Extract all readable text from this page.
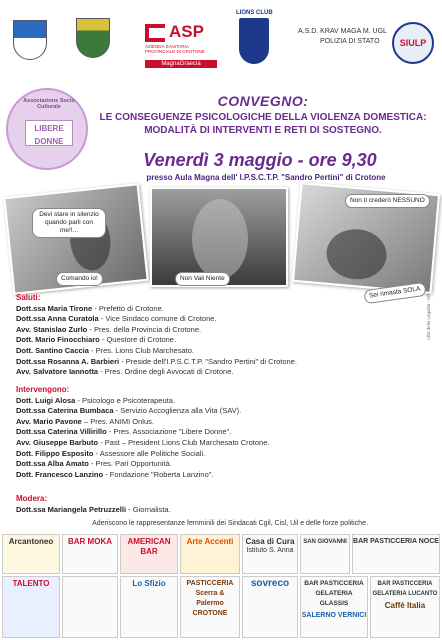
ASP
AZIENDA SANITARIA PROVINCIALE DI CROTONE
MagnaGraecia
LIONS CLUB
A.S.D. KRAV MAGA M. UGL
POLIZIA DI STATO	SIULP
Associazione Socio Culturale
LIBERE
DONNE
CONVEGNO:
LE CONSEGUENZE PSICOLOGICHE DELLA VIOLENZA DOMESTICA:
MODALITÀ DI INTERVENTI E RETI DI SOSTEGNO.
Venerdì 3 maggio - ore 9,30
presso Aula Magna dell' I.P.S.C.T.P. "Sandro Pertini" di Crotone
Devi stare in silenzio quando parli con me!!...
Comando io!	Non Vali Niente
Non ti crederò NESSUNO
Sei rimasta SOLA
Saluti:
Dott.ssa Maria Tirone - Prefetto di Crotone.
Dott.ssa Anna Curatola - Vice Sindaco comune di Crotone.
Avv. Stanislao Zurlo - Pres. della Provincia di Crotone.
Dott. Mario Finocchiaro - Questore di Crotone.
Dott. Santino Caccia - Pres. Lions Club Marchesato.
Dott.ssa Rosanna A. Barbieri - Preside dell'I.P.S.C.T.P. "Sandro Pertini" di Crotone.
Avv. Salvatore Iannotta - Pres. Ordine degli Avvocati di Crotone.
Intervengono:
Dott. Luigi Alosa - Psicologo e Psicoterapeuta.
Dott.ssa Caterina Bumbaca - Servizio Accoglienza alla Vita (SAV).
Avv. Mario Pavone – Pres. ANIMI Onlus.
Dott.ssa Caterina Villirillo - Pres. Associazione "Libere Donne".
Avv. Giuseppe Barbuto - Past – President Lions Club Marchesato Crotone.
Dott. Filippo Esposito - Assessore alle Politiche Sociali.
Dott.ssa Alba Amato - Pres. Pari Opportunità.
Dott. Francesco Lanzino - Fondazione "Roberta Lanzino".
Modera:
Dott.ssa Mariangela Petruzzelli - Giornalista.
Aderiscono le rappresentanze femminili dei Sindacati Cgil, Cisl, Uil e delle forze politiche.
Libri della Legalità - KR
Arcantoneo	BAR MOKA	AMERICAN BAR
Arte Accenti	Casa di Cura
Istituto S. Anna
SAN GIOVANNI BAR PASTICCERIA NOCE
TALENTO	Lo Sfizio	PASTICCERIA Scerra & Palermo CROTONE
sovreco	BAR PASTICCERIA GELATERIA GLASSIS
SALERNO VERNICI
BAR PASTICCERIA GELATERIA LUCANTO
Caffè Italia
